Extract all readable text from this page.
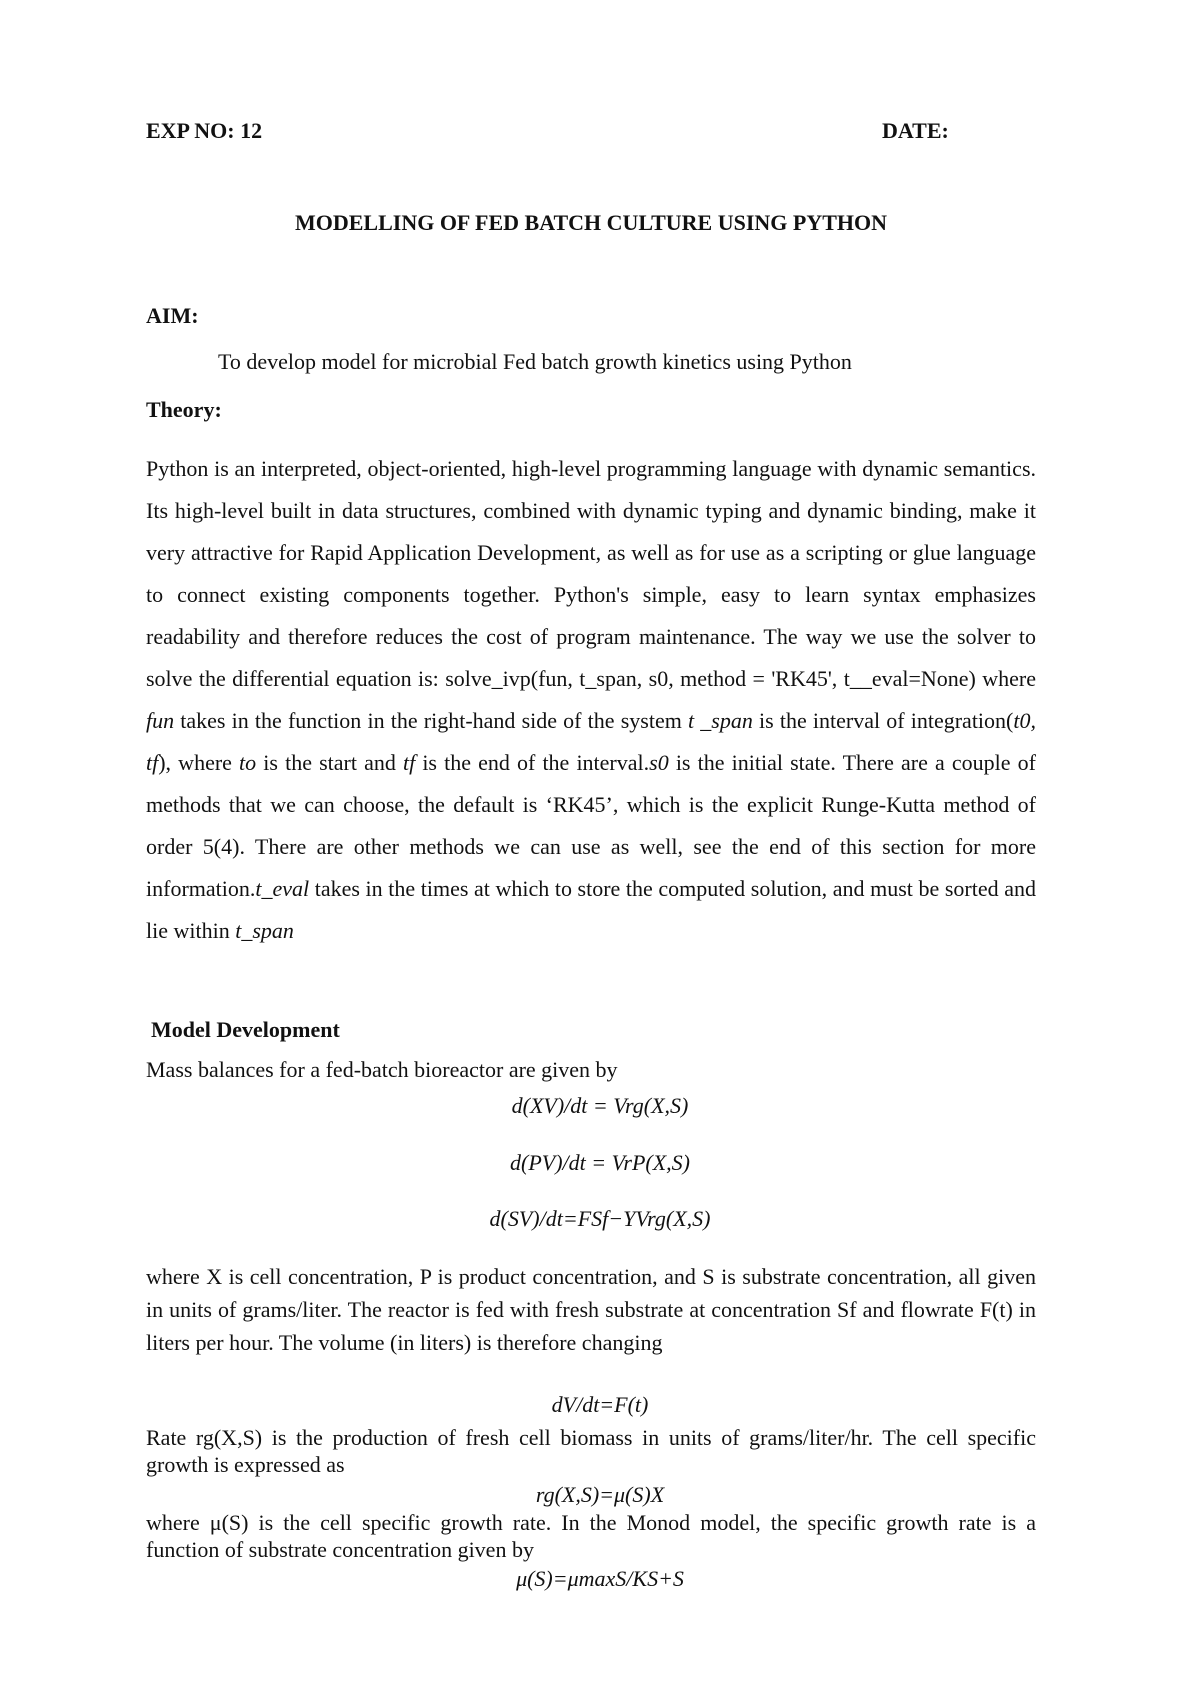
EXP NO: 12	DATE:
MODELLING OF FED BATCH CULTURE USING PYTHON
AIM:
To develop model for microbial Fed batch growth kinetics using Python
Theory:
Python is an interpreted, object-oriented, high-level programming language with dynamic semantics. Its high-level built in data structures, combined with dynamic typing and dynamic binding, make it very attractive for Rapid Application Development, as well as for use as a scripting or glue language to connect existing components together. Python's simple, easy to learn syntax emphasizes readability and therefore reduces the cost of program maintenance. The way we use the solver to solve the differential equation is: solve_ivp(fun, t_span, s0, method = 'RK45', t__eval=None) where fun takes in the function in the right-hand side of the system t _span is the interval of integration(t0, tf), where to is the start and tf is the end of the interval.s0 is the initial state. There are a couple of methods that we can choose, the default is ‘RK45’, which is the explicit Runge-Kutta method of order 5(4). There are other methods we can use as well, see the end of this section for more information.t_eval takes in the times at which to store the computed solution, and must be sorted and lie within t_span
Model Development
Mass balances for a fed-batch bioreactor are given by
d(XV)/dt = Vrg(X,S)
d(PV)/dt = VrP(X,S)
d(SV)/dt=FSf−YVrg(X,S)
where X is cell concentration, P is product concentration, and S is substrate concentration, all given in units of grams/liter. The reactor is fed with fresh substrate at concentration Sf and flowrate F(t) in liters per hour. The volume (in liters) is therefore changing
dV/dt=F(t)
Rate rg(X,S) is the production of fresh cell biomass in units of grams/liter/hr. The cell specific growth is expressed as
rg(X,S)=μ(S)X
where μ(S) is the cell specific growth rate. In the Monod model, the specific growth rate is a function of substrate concentration given by
μ(S)=μmaxS/KS+S
